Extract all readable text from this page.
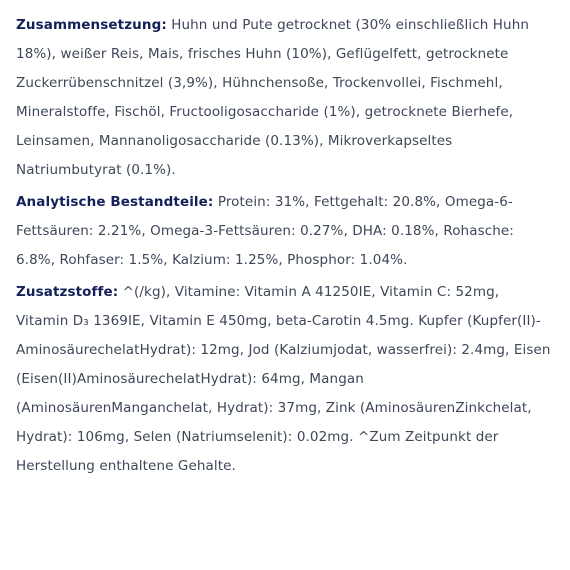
Zusammensetzung: Huhn und Pute getrocknet (30% einschließlich Huhn 18%), weißer Reis, Mais, frisches Huhn (10%), Geflügelfett, getrocknete Zuckerrübenschnitzel (3,9%), Hühnchensoße, Trockenvollei, Fischmehl, Mineralstoffe, Fischöl, Fructooligosaccharide (1%), getrocknete Bierhefe, Leinsamen, Mannanoligosaccharide (0.13%), Mikroverkapseltes Natriumbutyrat (0.1%).

Analytische Bestandteile: Protein: 31%, Fettgehalt: 20.8%, Omega-6-Fettsäuren: 2.21%, Omega-3-Fettsäuren: 0.27%, DHA: 0.18%, Rohasche: 6.8%, Rohfaser: 1.5%, Kalzium: 1.25%, Phosphor: 1.04%.

Zusatzstoffe: ^(/kg), Vitamine: Vitamin A 41250IE, Vitamin C: 52mg, Vitamin D₃ 1369IE, Vitamin E 450mg, beta-Carotin 4.5mg. Kupfer (Kupfer(II)-AminosäurechelatHydrat): 12mg, Jod (Kalziumjodat, wasserfrei): 2.4mg, Eisen (Eisen(II)AminosäurechelatHydrat): 64mg, Mangan (AminosäurenManganchelat, Hydrat): 37mg, Zink (AminosäurenZinkchelat, Hydrat): 106mg, Selen (Natriumselenit): 0.02mg. ^Zum Zeitpunkt der Herstellung enthaltene Gehalte.
